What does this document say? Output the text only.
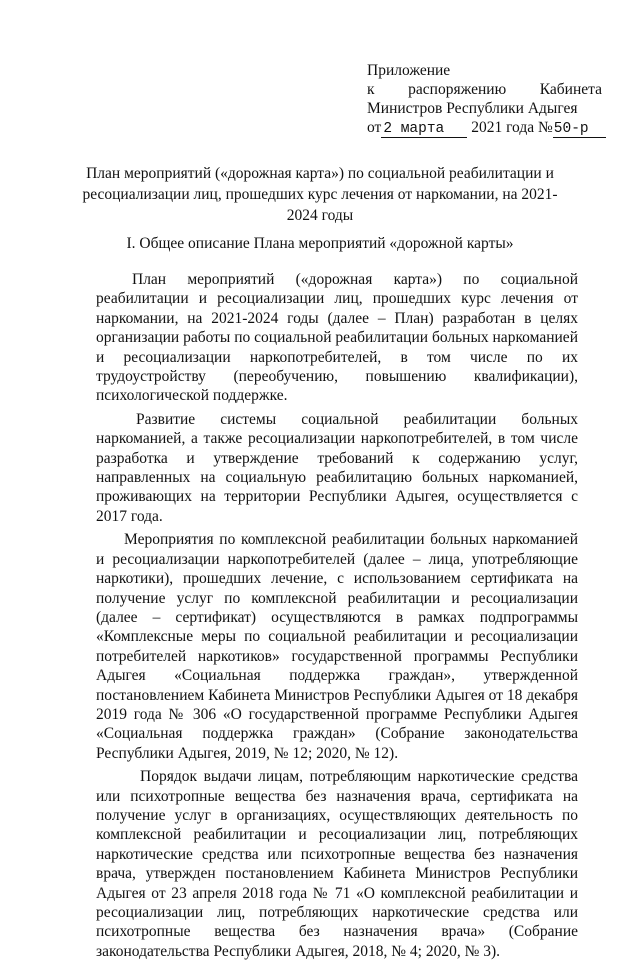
Приложение
к распоряжению Кабинета
Министров Республики Адыгея
от 2 марта 2021 года №50-р
План мероприятий («дорожная карта») по социальной реабилитации и ресоциализации лиц, прошедших курс лечения от наркомании, на 2021-2024 годы
I. Общее описание Плана мероприятий «дорожной карты»

План мероприятий («дорожная карта») по социальной реабилитации и ресоциализации лиц, прошедших курс лечения от наркомании, на 2021-2024 годы (далее – План) разработан в целях организации работы по социальной реабилитации больных наркоманией и ресоциализации наркопотребителей, в том числе по их трудоустройству (переобучению, повышению квалификации), психологической поддержке.

Развитие системы социальной реабилитации больных наркоманией, а также ресоциализации наркопотребителей, в том числе разработка и утверждение требований к содержанию услуг, направленных на социальную реабилитацию больных наркоманией, проживающих на территории Республики Адыгея, осуществляется с 2017 года.

Мероприятия по комплексной реабилитации больных наркоманией и ресоциализации наркопотребителей (далее – лица, употребляющие наркотики), прошедших лечение, с использованием сертификата на получение услуг по комплексной реабилитации и ресоциализации (далее – сертификат) осуществляются в рамках подпрограммы «Комплексные меры по социальной реабилитации и ресоциализации потребителей наркотиков» государственной программы Республики Адыгея «Социальная поддержка граждан», утвержденной постановлением Кабинета Министров Республики Адыгея от 18 декабря 2019 года № 306 «О государственной программе Республики Адыгея «Социальная поддержка граждан» (Собрание законодательства Республики Адыгея, 2019, № 12; 2020, № 12).

Порядок выдачи лицам, потребляющим наркотические средства или психотропные вещества без назначения врача, сертификата на получение услуг в организациях, осуществляющих деятельность по комплексной реабилитации и ресоциализации лиц, потребляющих наркотические средства или психотропные вещества без назначения врача, утвержден постановлением Кабинета Министров Республики Адыгея от 23 апреля 2018 года № 71 «О комплексной реабилитации и ресоциализации лиц, потребляющих наркотические средства или психотропные вещества без назначения врача» (Собрание законодательства Республики Адыгея, 2018, № 4; 2020, № 3).
